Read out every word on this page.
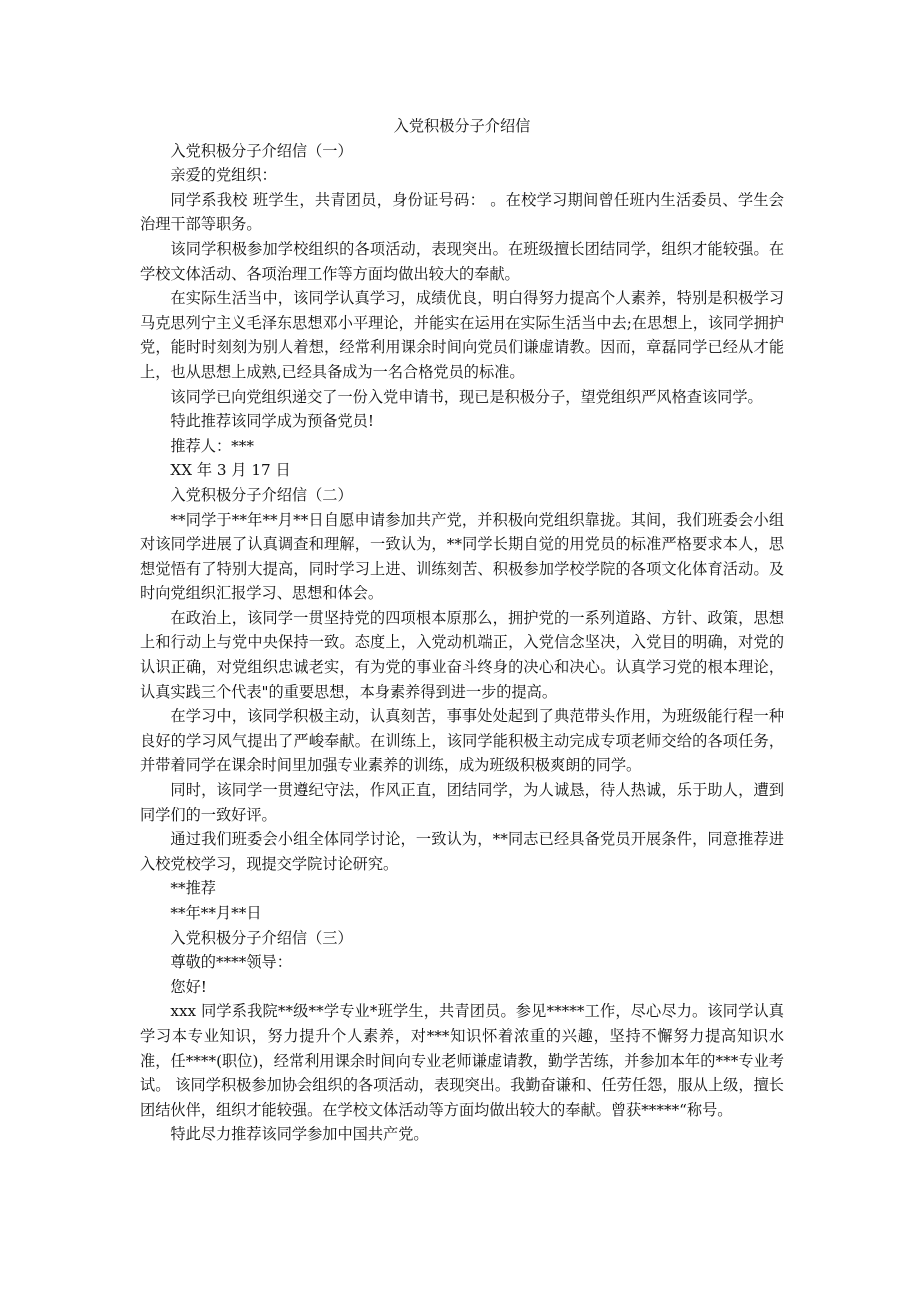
入党积极分子介绍信

入党积极分子介绍信（一）

亲爱的党组织：

同学系我校 班学生，共青团员，身份证号码： 。在校学习期间曾任班内生活委员、学生会治理干部等职务。

该同学积极参加学校组织的各项活动，表现突出。在班级擅长团结同学，组织才能较强。在学校文体活动、各项治理工作等方面均做出较大的奉献。

在实际生活当中，该同学认真学习，成绩优良，明白得努力提高个人素养，特别是积极学习马克思列宁主义毛泽东思想邓小平理论，并能实在运用在实际生活当中去;在思想上，该同学拥护党，能时时刻刻为别人着想，经常利用课余时间向党员们谦虚请教。因而，章磊同学已经从才能上，也从思想上成熟,已经具备成为一名合格党员的标准。

该同学已向党组织递交了一份入党申请书，现已是积极分子，望党组织严风格查该同学。

特此推荐该同学成为预备党员!

推荐人：***

XX 年 3 月 17 日

入党积极分子介绍信（二）

**同学于**年**月**日自愿申请参加共产党，并积极向党组织靠拢。其间，我们班委会小组对该同学进展了认真调查和理解，一致认为，**同学长期自觉的用党员的标准严格要求本人，思想觉悟有了特别大提高，同时学习上进、训练刻苦、积极参加学校学院的各项文化体育活动。及时向党组织汇报学习、思想和体会。

在政治上，该同学一贯坚持党的四项根本原那么，拥护党的一系列道路、方针、政策，思想上和行动上与党中央保持一致。态度上，入党动机端正，入党信念坚决，入党目的明确，对党的认识正确，对党组织忠诚老实，有为党的事业奋斗终身的决心和决心。认真学习党的根本理论，认真实践三个代表"的重要思想，本身素养得到进一步的提高。

在学习中，该同学积极主动，认真刻苦，事事处处起到了典范带头作用，为班级能行程一种良好的学习风气提出了严峻奉献。在训练上，该同学能积极主动完成专项老师交给的各项任务，并带着同学在课余时间里加强专业素养的训练，成为班级积极爽朗的同学。

同时，该同学一贯遵纪守法，作风正直，团结同学，为人诚恳，待人热诚，乐于助人，遭到同学们的一致好评。

通过我们班委会小组全体同学讨论，一致认为，**同志已经具备党员开展条件，同意推荐进入校党校学习，现提交学院讨论研究。

**推荐

**年**月**日

入党积极分子介绍信（三）

尊敬的****领导：

您好!

xxx 同学系我院**级**学专业*班学生，共青团员。参见*****工作，尽心尽力。该同学认真学习本专业知识，努力提升个人素养，对***知识怀着浓重的兴趣，坚持不懈努力提高知识水准，任****(职位)，经常利用课余时间向专业老师谦虚请教，勤学苦练，并参加本年的***专业考试。 该同学积极参加协会组织的各项活动，表现突出。我勤奋谦和、任劳任怨，服从上级，擅长团结伙伴，组织才能较强。在学校文体活动等方面均做出较大的奉献。曾获*****“称号。

特此尽力推荐该同学参加中国共产党。
